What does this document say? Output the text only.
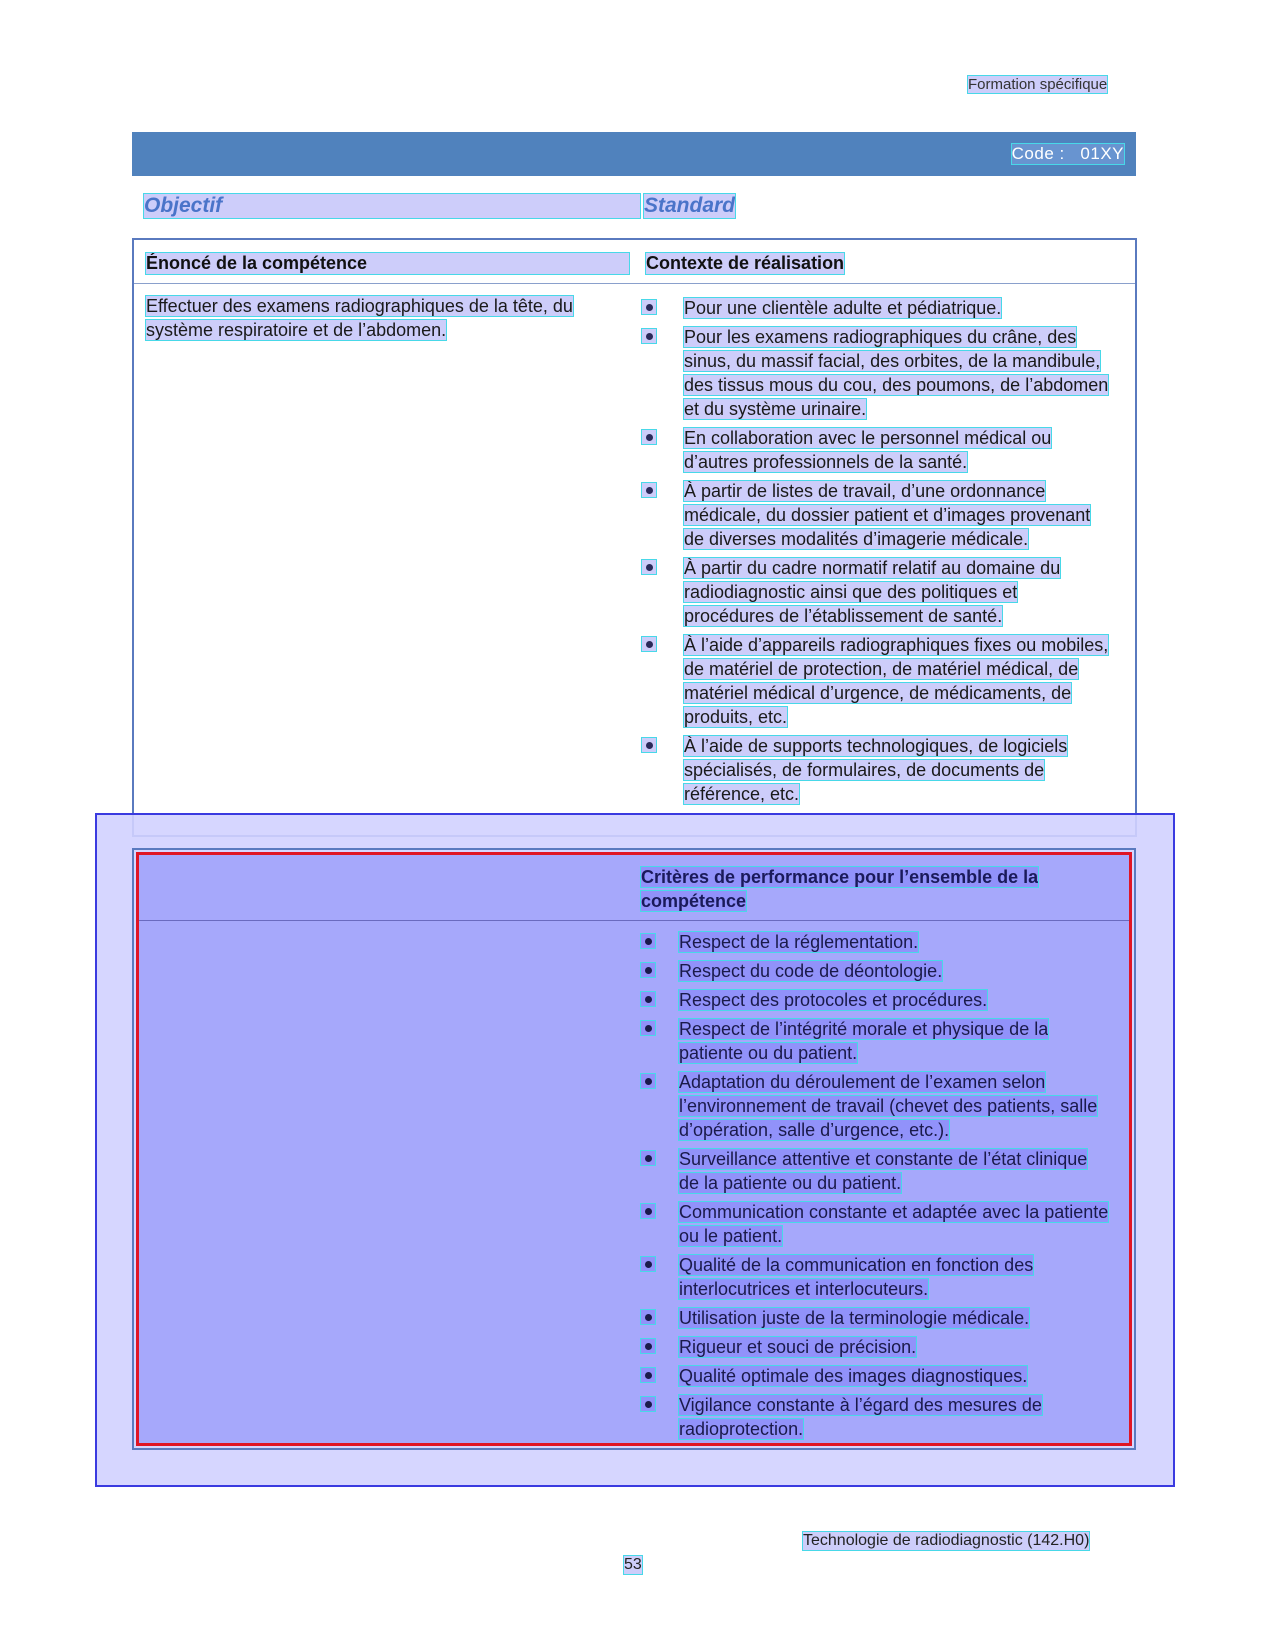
Formation spécifique
Code :   01XY
Objectif	Standard
Énoncé de la compétence	Contexte de réalisation
Effectuer des examens radiographiques de la tête, du système respiratoire et de l’abdomen.
Pour une clientèle adulte et pédiatrique.
Pour les examens radiographiques du crâne, des sinus, du massif facial, des orbites, de la mandibule, des tissus mous du cou, des poumons, de l’abdomen et du système urinaire.
En collaboration avec le personnel médical ou d’autres professionnels de la santé.
À partir de listes de travail, d’une ordonnance médicale, du dossier patient et d’images provenant de diverses modalités d’imagerie médicale.
À partir du cadre normatif relatif au domaine du radiodiagnostic ainsi que des politiques et procédures de l’établissement de santé.
À l’aide d’appareils radiographiques fixes ou mobiles, de matériel de protection, de matériel médical, de matériel médical d’urgence, de médicaments, de produits, etc.
À l’aide de supports technologiques, de logiciels spécialisés, de formulaires, de documents de référence, etc.
Critères de performance pour l’ensemble de la compétence
Respect de la réglementation.
Respect du code de déontologie.
Respect des protocoles et procédures.
Respect de l’intégrité morale et physique de la patiente ou du patient.
Adaptation du déroulement de l’examen selon l’environnement de travail (chevet des patients, salle d’opération, salle d’urgence, etc.).
Surveillance attentive et constante de l’état clinique de la patiente ou du patient.
Communication constante et adaptée avec la patiente ou le patient.
Qualité de la communication en fonction des interlocutrices et interlocuteurs.
Utilisation juste de la terminologie médicale.
Rigueur et souci de précision.
Qualité optimale des images diagnostiques.
Vigilance constante à l’égard des mesures de radioprotection.
Technologie de radiodiagnostic (142.H0)
53
